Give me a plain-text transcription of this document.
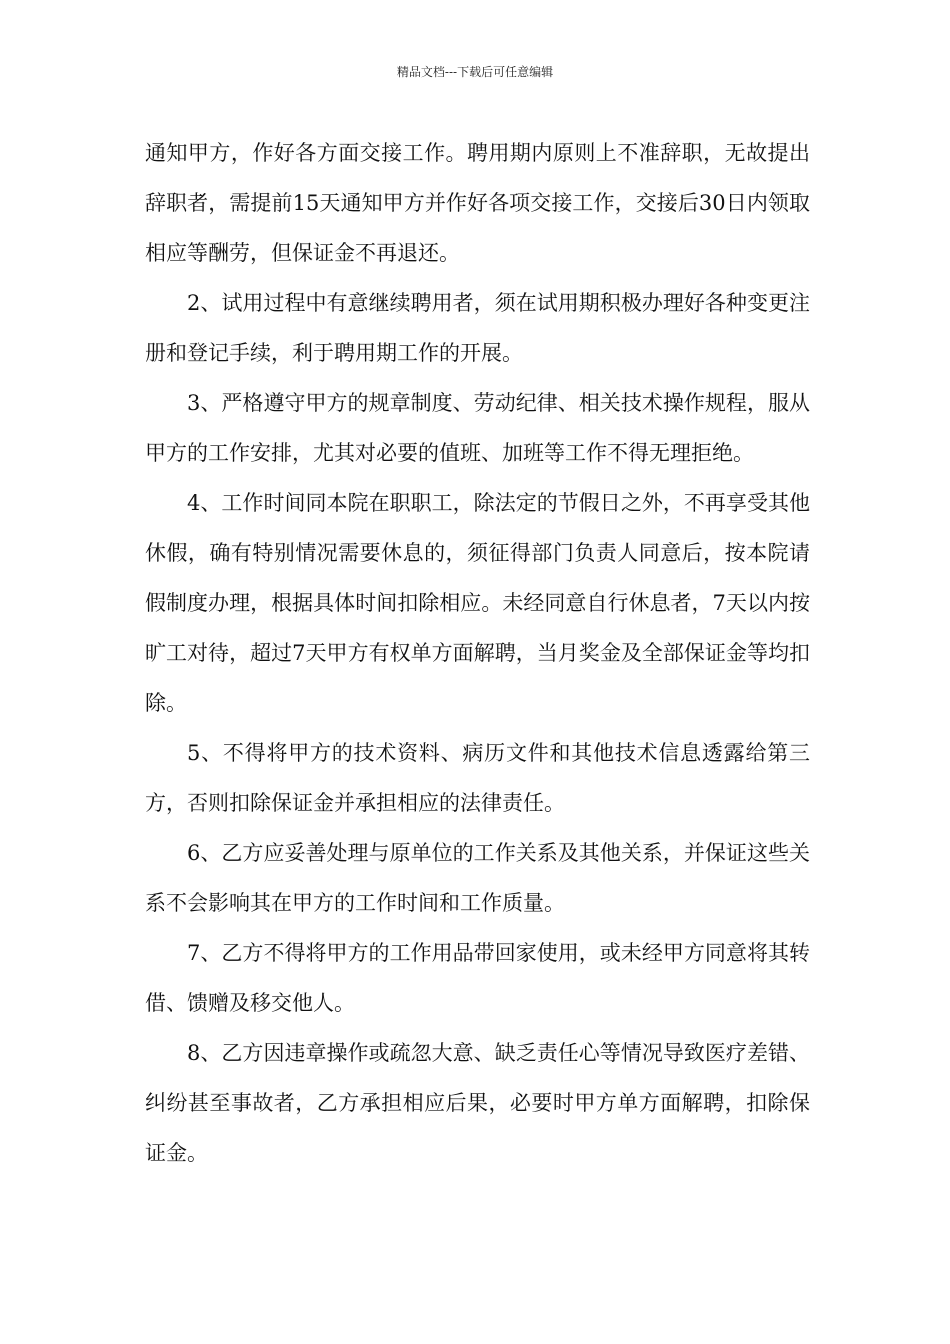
精品文档---下载后可任意编辑

通知甲方，作好各方面交接工作。聘用期内原则上不准辞职，无故提出辞职者，需提前15天通知甲方并作好各项交接工作，交接后30日内领取相应等酬劳，但保证金不再退还。

2、试用过程中有意继续聘用者，须在试用期积极办理好各种变更注册和登记手续，利于聘用期工作的开展。

3、严格遵守甲方的规章制度、劳动纪律、相关技术操作规程，服从甲方的工作安排，尤其对必要的值班、加班等工作不得无理拒绝。

4、工作时间同本院在职职工，除法定的节假日之外，不再享受其他休假，确有特别情况需要休息的，须征得部门负责人同意后，按本院请假制度办理，根据具体时间扣除相应。未经同意自行休息者，7天以内按旷工对待，超过7天甲方有权单方面解聘，当月奖金及全部保证金等均扣除。

5、不得将甲方的技术资料、病历文件和其他技术信息透露给第三方，否则扣除保证金并承担相应的法律责任。

6、乙方应妥善处理与原单位的工作关系及其他关系，并保证这些关系不会影响其在甲方的工作时间和工作质量。

7、乙方不得将甲方的工作用品带回家使用，或未经甲方同意将其转借、馈赠及移交他人。

8、乙方因违章操作或疏忽大意、缺乏责任心等情况导致医疗差错、纠纷甚至事故者，乙方承担相应后果，必要时甲方单方面解聘，扣除保证金。
